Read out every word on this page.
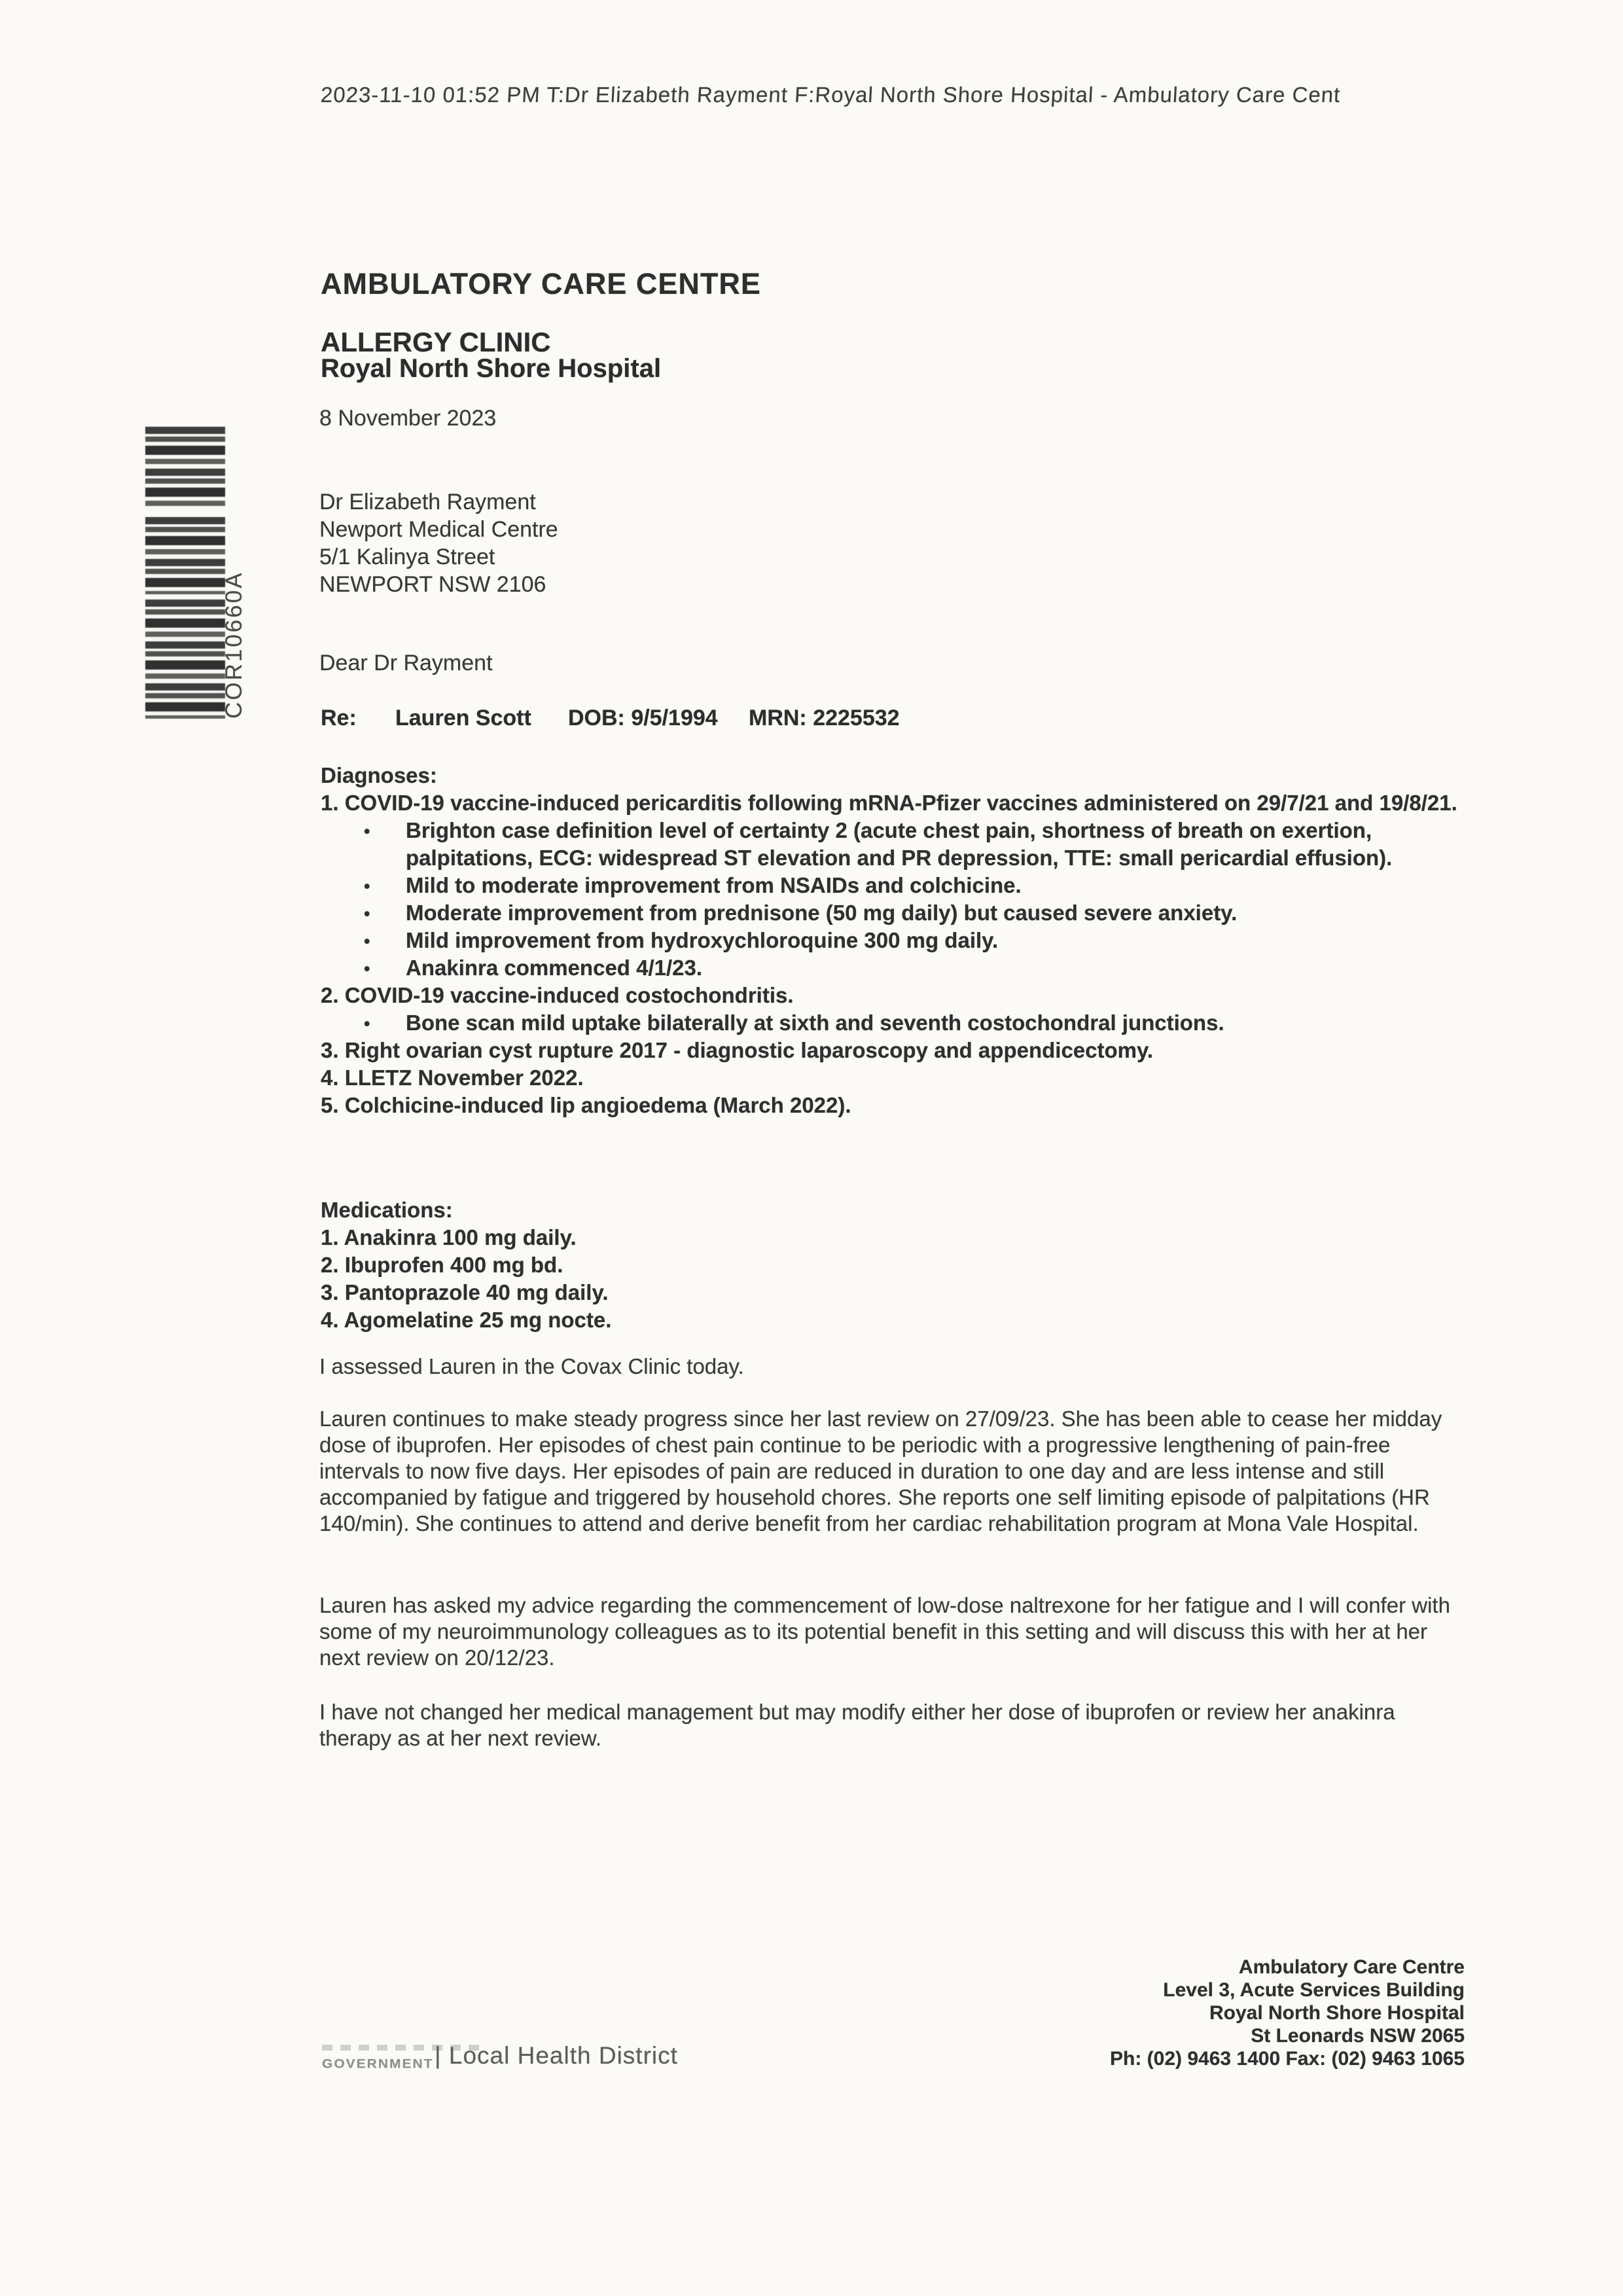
2023-11-10 01:52 PM T:Dr Elizabeth Rayment F:Royal North Shore Hospital - Ambulatory Care Cent
COR10660A
AMBULATORY CARE CENTRE
ALLERGY CLINIC
Royal North Shore Hospital
8 November 2023
Dr Elizabeth Rayment
Newport Medical Centre
5/1 Kalinya Street
NEWPORT NSW 2106
Dear Dr Rayment
Re: Lauren Scott DOB: 9/5/1994 MRN: 2225532
Diagnoses:
1. COVID-19 vaccine-induced pericarditis following mRNA-Pfizer vaccines administered on 29/7/21 and 19/8/21.
• Brighton case definition level of certainty 2 (acute chest pain, shortness of breath on exertion, palpitations, ECG: widespread ST elevation and PR depression, TTE: small pericardial effusion).
• Mild to moderate improvement from NSAIDs and colchicine.
• Moderate improvement from prednisone (50 mg daily) but caused severe anxiety.
• Mild improvement from hydroxychloroquine 300 mg daily.
• Anakinra commenced 4/1/23.
2. COVID-19 vaccine-induced costochondritis.
• Bone scan mild uptake bilaterally at sixth and seventh costochondral junctions.
3. Right ovarian cyst rupture 2017 - diagnostic laparoscopy and appendicectomy.
4. LLETZ November 2022.
5. Colchicine-induced lip angioedema (March 2022).
Medications:
1. Anakinra 100 mg daily.
2. Ibuprofen 400 mg bd.
3. Pantoprazole 40 mg daily.
4. Agomelatine 25 mg nocte.
I assessed Lauren in the Covax Clinic today.
Lauren continues to make steady progress since her last review on 27/09/23. She has been able to cease her midday dose of ibuprofen. Her episodes of chest pain continue to be periodic with a progressive lengthening of pain-free intervals to now five days. Her episodes of pain are reduced in duration to one day and are less intense and still accompanied by fatigue and triggered by household chores. She reports one self limiting episode of palpitations (HR 140/min). She continues to attend and derive benefit from her cardiac rehabilitation program at Mona Vale Hospital.
Lauren has asked my advice regarding the commencement of low-dose naltrexone for her fatigue and I will confer with some of my neuroimmunology colleagues as to its potential benefit in this setting and will discuss this with her at her next review on 20/12/23.
I have not changed her medical management but may modify either her dose of ibuprofen or review her anakinra therapy as at her next review.
GOVERNMENT | Local Health District
Ambulatory Care Centre
Level 3, Acute Services Building
Royal North Shore Hospital
St Leonards NSW 2065
Ph: (02) 9463 1400 Fax: (02) 9463 1065
